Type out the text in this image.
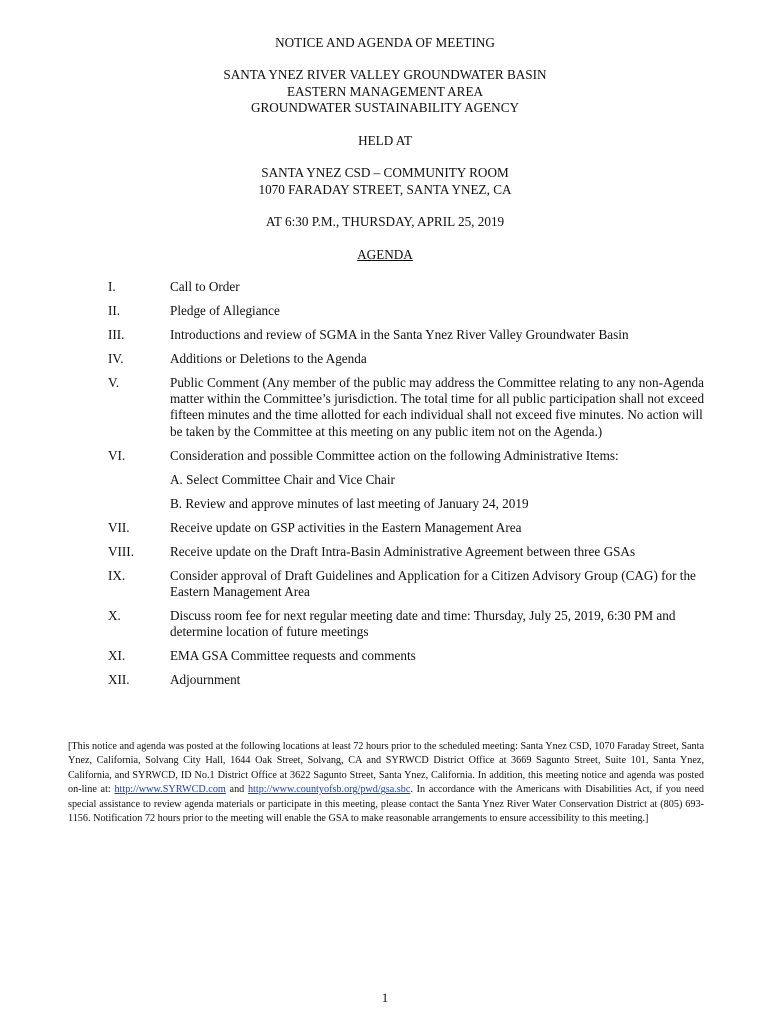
NOTICE AND AGENDA OF MEETING
SANTA YNEZ RIVER VALLEY GROUNDWATER BASIN
EASTERN MANAGEMENT AREA
GROUNDWATER SUSTAINABILITY AGENCY
HELD AT
SANTA YNEZ CSD – COMMUNITY ROOM
1070 FARADAY STREET, SANTA YNEZ, CA
AT 6:30 P.M., THURSDAY, APRIL 25, 2019
AGENDA
I.	Call to Order
II.	Pledge of Allegiance
III.	Introductions and review of SGMA in the Santa Ynez River Valley Groundwater Basin
IV.	Additions or Deletions to the Agenda
V.	Public Comment (Any member of the public may address the Committee relating to any non-Agenda matter within the Committee’s jurisdiction. The total time for all public participation shall not exceed fifteen minutes and the time allotted for each individual shall not exceed five minutes. No action will be taken by the Committee at this meeting on any public item not on the Agenda.)
VI.	Consideration and possible Committee action on the following Administrative Items:
A. Select Committee Chair and Vice Chair
B. Review and approve minutes of last meeting of January 24, 2019
VII.	Receive update on GSP activities in the Eastern Management Area
VIII.	Receive update on the Draft Intra-Basin Administrative Agreement between three GSAs
IX.	Consider approval of Draft Guidelines and Application for a Citizen Advisory Group (CAG) for the Eastern Management Area
X.	Discuss room fee for next regular meeting date and time: Thursday, July 25, 2019, 6:30 PM and determine location of future meetings
XI.	EMA GSA Committee requests and comments
XII.	Adjournment
[This notice and agenda was posted at the following locations at least 72 hours prior to the scheduled meeting: Santa Ynez CSD, 1070 Faraday Street, Santa Ynez, California, Solvang City Hall, 1644 Oak Street, Solvang, CA and SYRWCD District Office at 3669 Sagunto Street, Suite 101, Santa Ynez, California, and SYRWCD, ID No.1 District Office at 3622 Sagunto Street, Santa Ynez, California. In addition, this meeting notice and agenda was posted on-line at: http://www.SYRWCD.com and http://www.countyofsb.org/pwd/gsa.sbc. In accordance with the Americans with Disabilities Act, if you need special assistance to review agenda materials or participate in this meeting, please contact the Santa Ynez River Water Conservation District at (805) 693-1156. Notification 72 hours prior to the meeting will enable the GSA to make reasonable arrangements to ensure accessibility to this meeting.]
1
